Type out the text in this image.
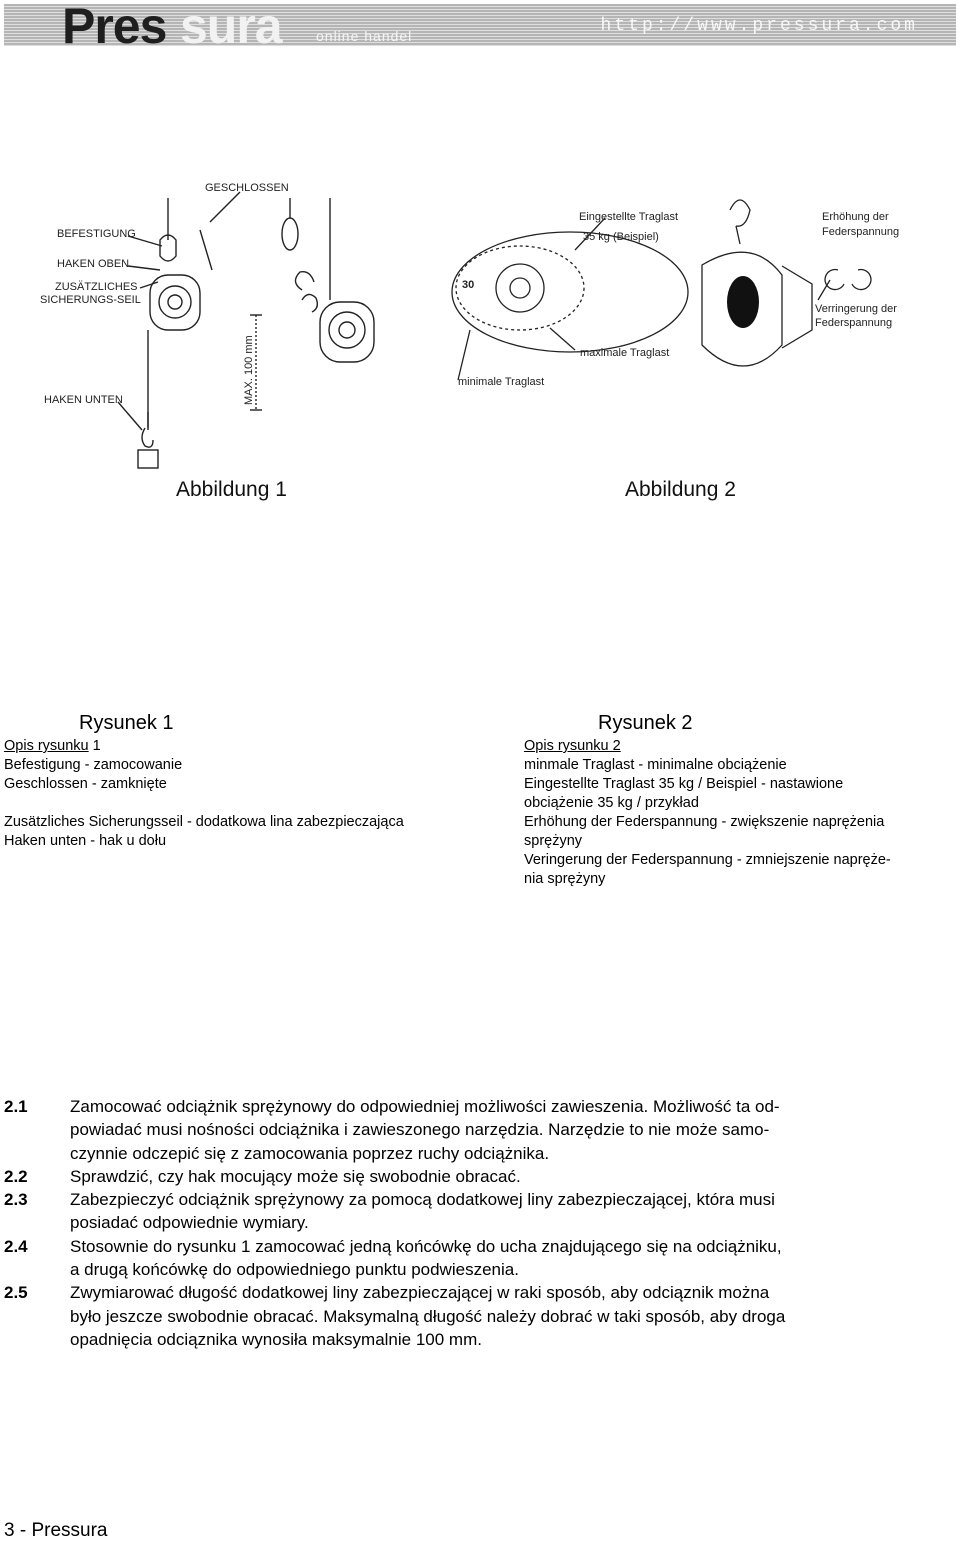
Pres sura online handel	http://www.pressura.com
MAX. 100 mm
GESCHLOSSEN
BEFESTIGUNG
HAKEN OBEN
ZUSÄTZLICHES
SICHERUNGS-SEIL
HAKEN UNTEN
Abbildung 1
30
Eingestellte Traglast
35 kg (Beispiel)
maximale Traglast
minimale Traglast
Erhöhung der
Federspannung
Verringerung der
Federspannung
Abbildung 2
Rysunek 1	Rysunek 2

Opis rysunku 1

Befestigung - zamocowanie

Geschlossen - zamknięte

Zusätzliches Sicherungsseil - dodatkowa lina zabezpieczająca

Haken unten - hak u dołu

Opis rysunku 2

minmale Traglast - minimalne obciążenie

Eingestellte Traglast 35 kg / Beispiel - nastawione

obciążenie 35 kg / przykład

Erhöhung der Federspannung - zwiększenie naprężenia

sprężyny

Veringerung der Federspannung - zmniejszenie napręże-

nia sprężyny

2.1	Zamocować odciążnik sprężynowy do odpowiedniej możliwości zawieszenia. Możliwość ta od-
powiadać musi nośności odciążnika i zawieszonego narzędzia. Narzędzie to nie może samo-
czynnie odczepić się z zamocowania poprzez ruchy odciążnika.
2.2	Sprawdzić, czy hak mocujący może się swobodnie obracać.
2.3	Zabezpieczyć odciążnik sprężynowy za pomocą dodatkowej liny zabezpieczającej, która musi
posiadać odpowiednie wymiary.
2.4	Stosownie do rysunku 1 zamocować jedną końcówkę do ucha znajdującego się na odciążniku,
a drugą końcówkę do odpowiedniego punktu podwieszenia.
2.5	Zwymiarować długość dodatkowej liny zabezpieczającej w raki sposób, aby odciąznik można
było jeszcze swobodnie obracać. Maksymalną długość należy dobrać w taki sposób, aby droga
opadnięcia odciąznika wynosiła maksymalnie 100 mm.
3 - Pressura
